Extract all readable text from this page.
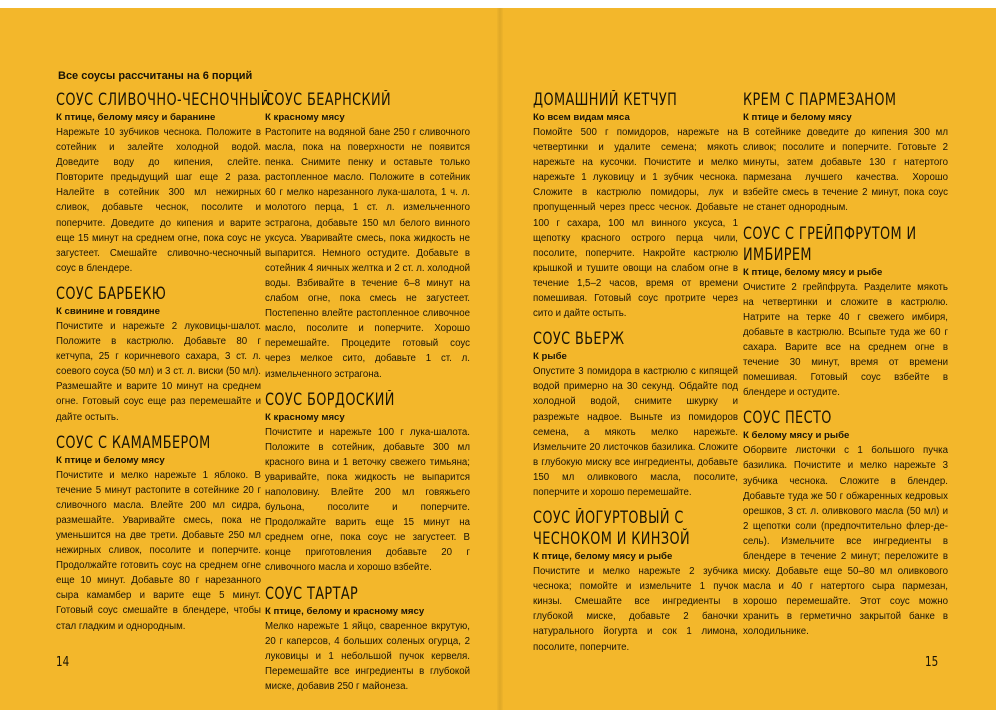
Все соусы рассчитаны на 6 порций
СОУС СЛИВОЧНО-ЧЕСНОЧНЫЙ
К птице, белому мясу и баранине

Нарежьте 10 зубчиков чеснока. Положите в сотейник и залейте холодной водой. Доведите воду до кипения, слейте. Повторите предыдущий шаг еще 2 раза. Налейте в сотейник 300 мл нежирных сливок, добавьте чеснок, посолите и поперчите. Доведите до кипения и варите еще 15 минут на среднем огне, пока соус не загустеет. Смешайте сливочно-чесночный соус в блендере.

СОУС БАРБЕКЮ
К свинине и говядине

Почистите и нарежьте 2 луковицы-шалот. Положите в кастрюлю. Добавьте 80 г кетчупа, 25 г коричневого сахара, 3 ст. л. соевого соуса (50 мл) и 3 ст. л. виски (50 мл). Размешайте и варите 10 минут на среднем огне. Готовый соус еще раз перемешайте и дайте остыть.

СОУС С КАМАМБЕРОМ
К птице и белому мясу

Почистите и мелко нарежьте 1 яблоко. В течение 5 минут растопите в сотейнике 20 г сливочного масла. Влейте 200 мл сидра, размешайте. Уваривайте смесь, пока не уменьшится на две трети. Добавьте 250 мл нежирных сливок, посолите и поперчите. Продолжайте готовить соус на среднем огне еще 10 минут. Добавьте 80 г нарезанного сыра камамбер и варите еще 5 минут. Готовый соус смешайте в блендере, чтобы стал гладким и однородным.

СОУС БЕАРНСКИЙ
К красному мясу

Растопите на водяной бане 250 г сливочного масла, пока на поверхности не появится пенка. Снимите пенку и оставьте только растопленное масло. Положите в сотейник 60 г мелко нарезанного лука-шалота, 1 ч. л. молотого перца, 1 ст. л. измельченного эстрагона, добавьте 150 мл белого винного уксуса. Уваривайте смесь, пока жидкость не выпарится. Немного остудите. Добавьте в сотейник 4 яичных желтка и 2 ст. л. холодной воды. Взбивайте в течение 6–8 минут на слабом огне, пока смесь не загустеет. Постепенно влейте растопленное сливочное масло, посолите и поперчите. Хорошо перемешайте. Процедите готовый соус через мелкое сито, добавьте 1 ст. л. измельченного эстрагона.

СОУС БОРДОСКИЙ
К красному мясу

Почистите и нарежьте 100 г лука-шалота. Положите в сотейник, добавьте 300 мл красного вина и 1 веточку свежего тимьяна; уваривайте, пока жидкость не выпарится наполовину. Влейте 200 мл говяжьего бульона, посолите и поперчите. Продолжайте варить еще 15 минут на среднем огне, пока соус не загустеет. В конце приготовления добавьте 20 г сливочного масла и хорошо взбейте.

СОУС ТАРТАР
К птице, белому и красному мясу

Мелко нарежьте 1 яйцо, сваренное вкрутую, 20 г каперсов, 4 больших соленых огурца, 2 луковицы и 1 небольшой пучок кервеля. Перемешайте все ингредиенты в глубокой миске, добавив 250 г майонеза.

ДОМАШНИЙ КЕТЧУП
Ко всем видам мяса

Помойте 500 г помидоров, нарежьте на четвертинки и удалите семена; мякоть нарежьте на кусочки. Почистите и мелко нарежьте 1 луковицу и 1 зубчик чеснока. Сложите в кастрюлю помидоры, лук и пропущенный через пресс чеснок. Добавьте 100 г сахара, 100 мл винного уксуса, 1 щепотку красного острого перца чили, посолите, поперчите. Накройте кастрюлю крышкой и тушите овощи на слабом огне в течение 1,5–2 часов, время от времени помешивая. Готовый соус протрите через сито и дайте остыть.

СОУС ВЬЕРЖ
К рыбе

Опустите 3 помидора в кастрюлю с кипящей водой примерно на 30 секунд. Обдайте под холодной водой, снимите шкурку и разрежьте надвое. Выньте из помидоров семена, а мякоть мелко нарежьте. Измельчите 20 листочков базилика. Сложите в глубокую миску все ингредиенты, добавьте 150 мл оливкового масла, посолите, поперчите и хорошо перемешайте.

СОУС ЙОГУРТОВЫЙ С ЧЕСНОКОМ И КИНЗОЙ
К птице, белому мясу и рыбе

Почистите и мелко нарежьте 2 зубчика чеснока; помойте и измельчите 1 пучок кинзы. Смешайте все ингредиенты в глубокой миске, добавьте 2 баночки натурального йогурта и сок 1 лимона, посолите, поперчите.

КРЕМ С ПАРМЕЗАНОМ
К птице и белому мясу

В сотейнике доведите до кипения 300 мл сливок; посолите и поперчите. Готовьте 2 минуты, затем добавьте 130 г натертого пармезана лучшего качества. Хорошо взбейте смесь в течение 2 минут, пока соус не станет однородным.

СОУС С ГРЕЙПФРУТОМ И ИМБИРЕМ
К птице, белому мясу и рыбе

Очистите 2 грейпфрута. Разделите мякоть на четвертинки и сложите в кастрюлю. Натрите на терке 40 г свежего имбиря, добавьте в кастрюлю. Всыпьте туда же 60 г сахара. Варите все на среднем огне в течение 30 минут, время от времени помешивая. Готовый соус взбейте в блендере и остудите.

СОУС ПЕСТО
К белому мясу и рыбе

Оборвите листочки с 1 большого пучка базилика. Почистите и мелко нарежьте 3 зубчика чеснока. Сложите в блендер. Добавьте туда же 50 г обжаренных кедровых орешков, 3 ст. л. оливкового масла (50 мл) и 2 щепотки соли (предпочтительно флер-де-сель). Измельчите все ингредиенты в блендере в течение 2 минут; переложите в миску. Добавьте еще 50–80 мл оливкового масла и 40 г натертого сыра пармезан, хорошо перемешайте. Этот соус можно хранить в герметично закрытой банке в холодильнике.

14	15
